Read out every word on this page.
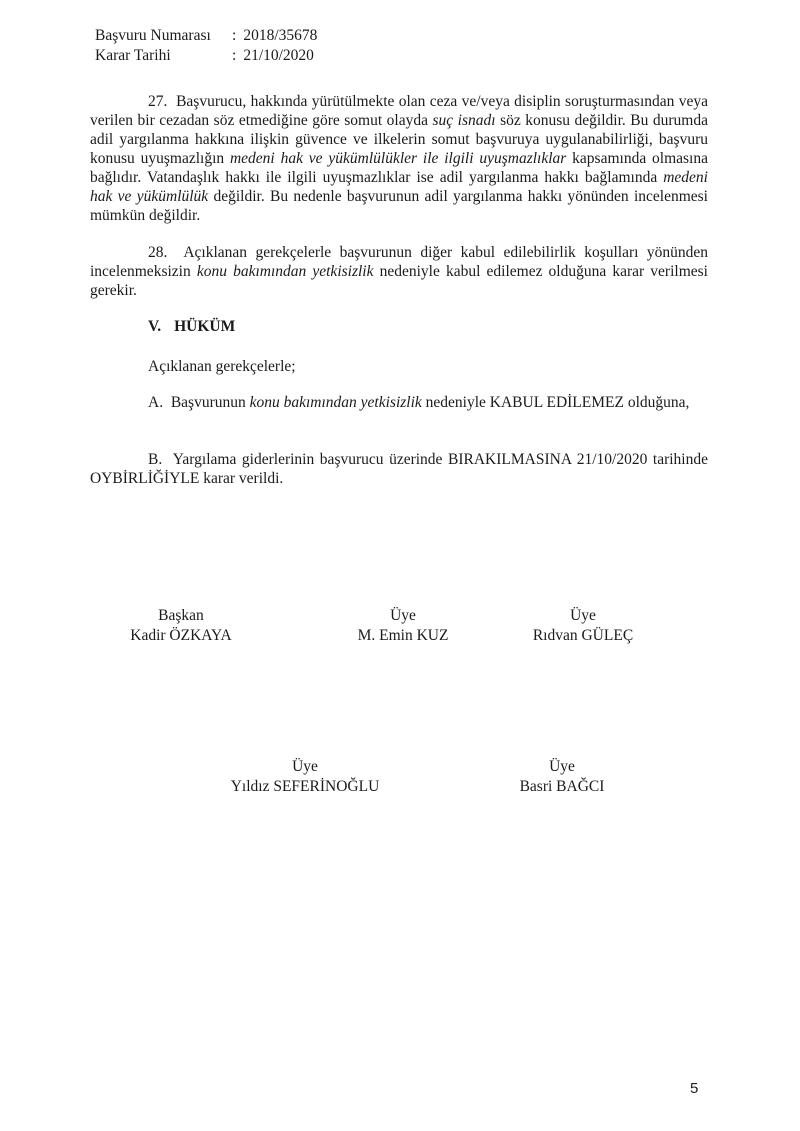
Başvuru Numarası	: 2018/35678
Karar Tarihi	: 21/10/2020

27.  Başvurucu, hakkında yürütülmekte olan ceza ve/veya disiplin soruşturmasından veya verilen bir cezadan söz etmediğine göre somut olayda suç isnadı söz konusu değildir. Bu durumda adil yargılanma hakkına ilişkin güvence ve ilkelerin somut başvuruya uygulanabilirliği, başvuru konusu uyuşmazlığın medeni hak ve yükümlülükler ile ilgili uyuşmazlıklar kapsamında olmasına bağlıdır. Vatandaşlık hakkı ile ilgili uyuşmazlıklar ise adil yargılanma hakkı bağlamında medeni hak ve yükümlülük değildir. Bu nedenle başvurunun adil yargılanma hakkı yönünden incelenmesi mümkün değildir.

28.  Açıklanan gerekçelerle başvurunun diğer kabul edilebilirlik koşulları yönünden incelenmeksizin konu bakımından yetkisizlik nedeniyle kabul edilemez olduğuna karar verilmesi gerekir.

V. HÜKÜM

Açıklanan gerekçelerle;

A.  Başvurunun konu bakımından yetkisizlik nedeniyle KABUL EDİLEMEZ olduğuna,

B.  Yargılama giderlerinin başvurucu üzerinde BIRAKILMASINA 21/10/2020 tarihinde OYBİRLİĞİYLE karar verildi.

Başkan
Kadir ÖZKAYA
Üye
M. Emin KUZ
Üye
Rıdvan GÜLEÇ
Üye
Yıldız SEFERİNOĞLU
Üye
Basri BAĞCI
5
